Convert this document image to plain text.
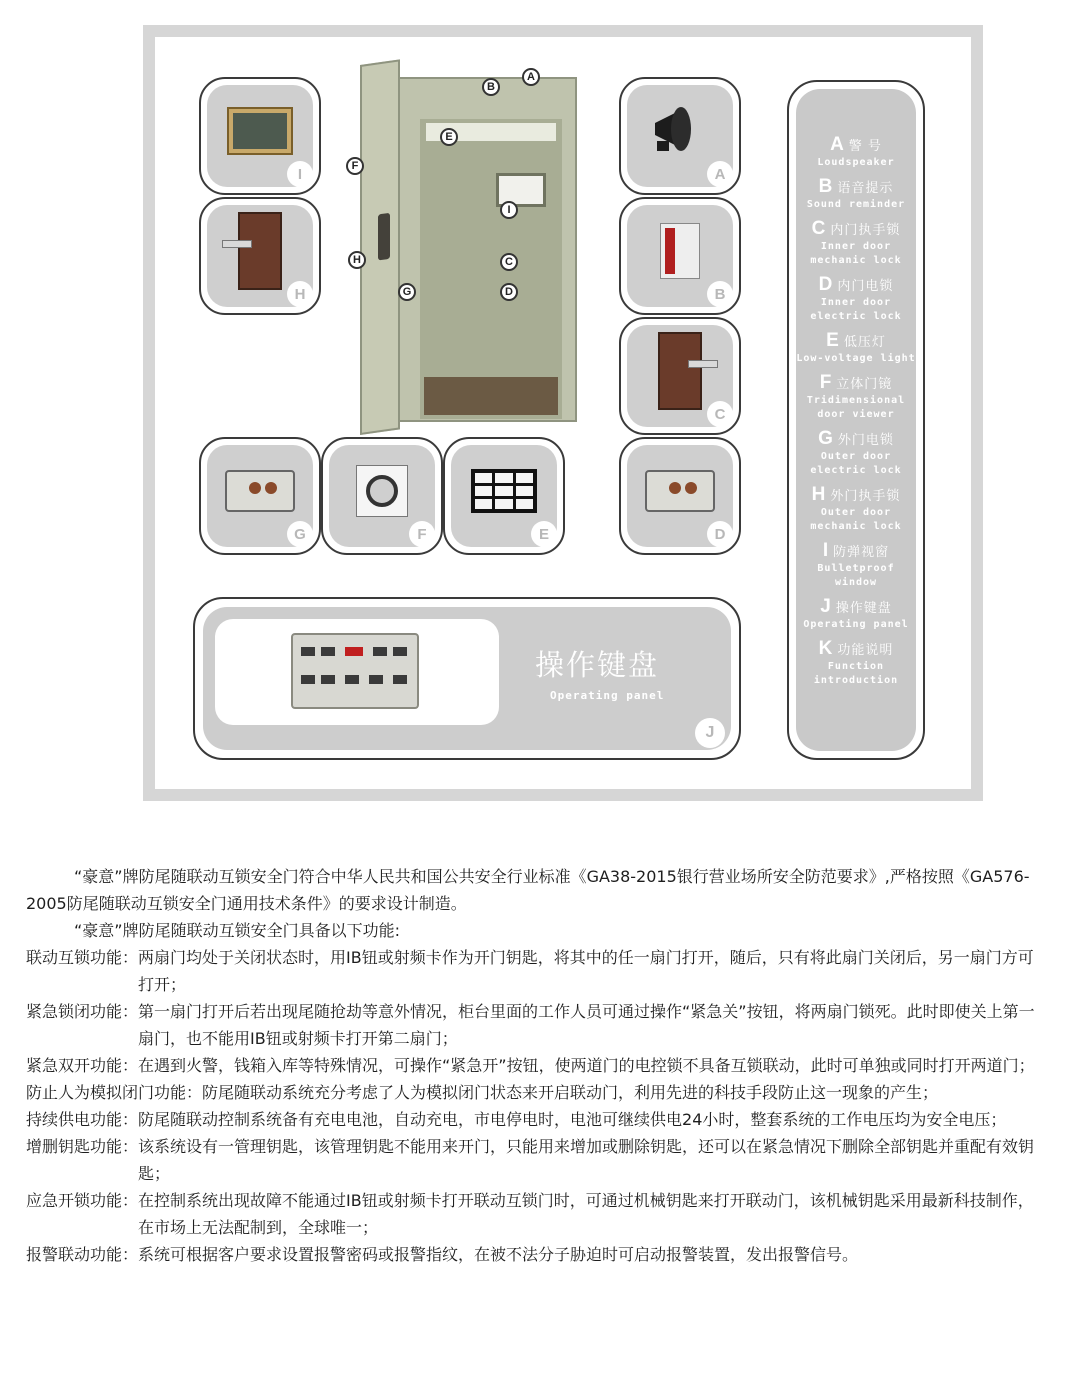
I
H
A
B
C
G	F	E	D
A
B
E
F
I
C
H
G	D
操作键盘
Operating panel
J
A 警 号
Loudspeaker
B 语音提示
Sound reminder
C 内门执手锁
Inner door mechanic lock
D 内门电锁
Inner door electric lock
E 低压灯
Low-voltage light
F 立体门镜
Tridimensional door viewer
G 外门电锁
Outer door electric lock
H 外门执手锁
Outer door mechanic lock
I 防弹视窗
Bulletproof window
J 操作键盘
Operating panel
K 功能说明
Function introduction

“豪意”牌防尾随联动互锁安全门符合中华人民共和国公共安全行业标准《GA38-2015银行营业场所安全防范要求》,严格按照《GA576-2005防尾随联动互锁安全门通用技术条件》的要求设计制造。

“豪意”牌防尾随联动互锁安全门具备以下功能:

联动互锁功能： 两扇门均处于关闭状态时，用IB钮或射频卡作为开门钥匙，将其中的任一扇门打开，随后，只有将此扇门关闭后，另一扇门方可打开；
紧急锁闭功能： 第一扇门打开后若出现尾随抢劫等意外情况，柜台里面的工作人员可通过操作“紧急关”按钮，将两扇门锁死。此时即使关上第一扇门，也不能用IB钮或射频卡打开第二扇门；
紧急双开功能： 在遇到火警，钱箱入库等特殊情况，可操作“紧急开”按钮，使两道门的电控锁不具备互锁联动，此时可单独或同时打开两道门；
防止人为模拟闭门功能： 防尾随联动系统充分考虑了人为模拟闭门状态来开启联动门，利用先进的科技手段防止这一现象的产生；
持续供电功能： 防尾随联动控制系统备有充电电池，自动充电，市电停电时，电池可继续供电24小时，整套系统的工作电压均为安全电压；
增删钥匙功能： 该系统设有一管理钥匙，该管理钥匙不能用来开门，只能用来增加或删除钥匙，还可以在紧急情况下删除全部钥匙并重配有效钥匙；
应急开锁功能： 在控制系统出现故障不能通过IB钮或射频卡打开联动互锁门时，可通过机械钥匙来打开联动门，该机械钥匙采用最新科技制作，在市场上无法配制到，全球唯一；
报警联动功能： 系统可根据客户要求设置报警密码或报警指纹，在被不法分子胁迫时可启动报警装置，发出报警信号。
